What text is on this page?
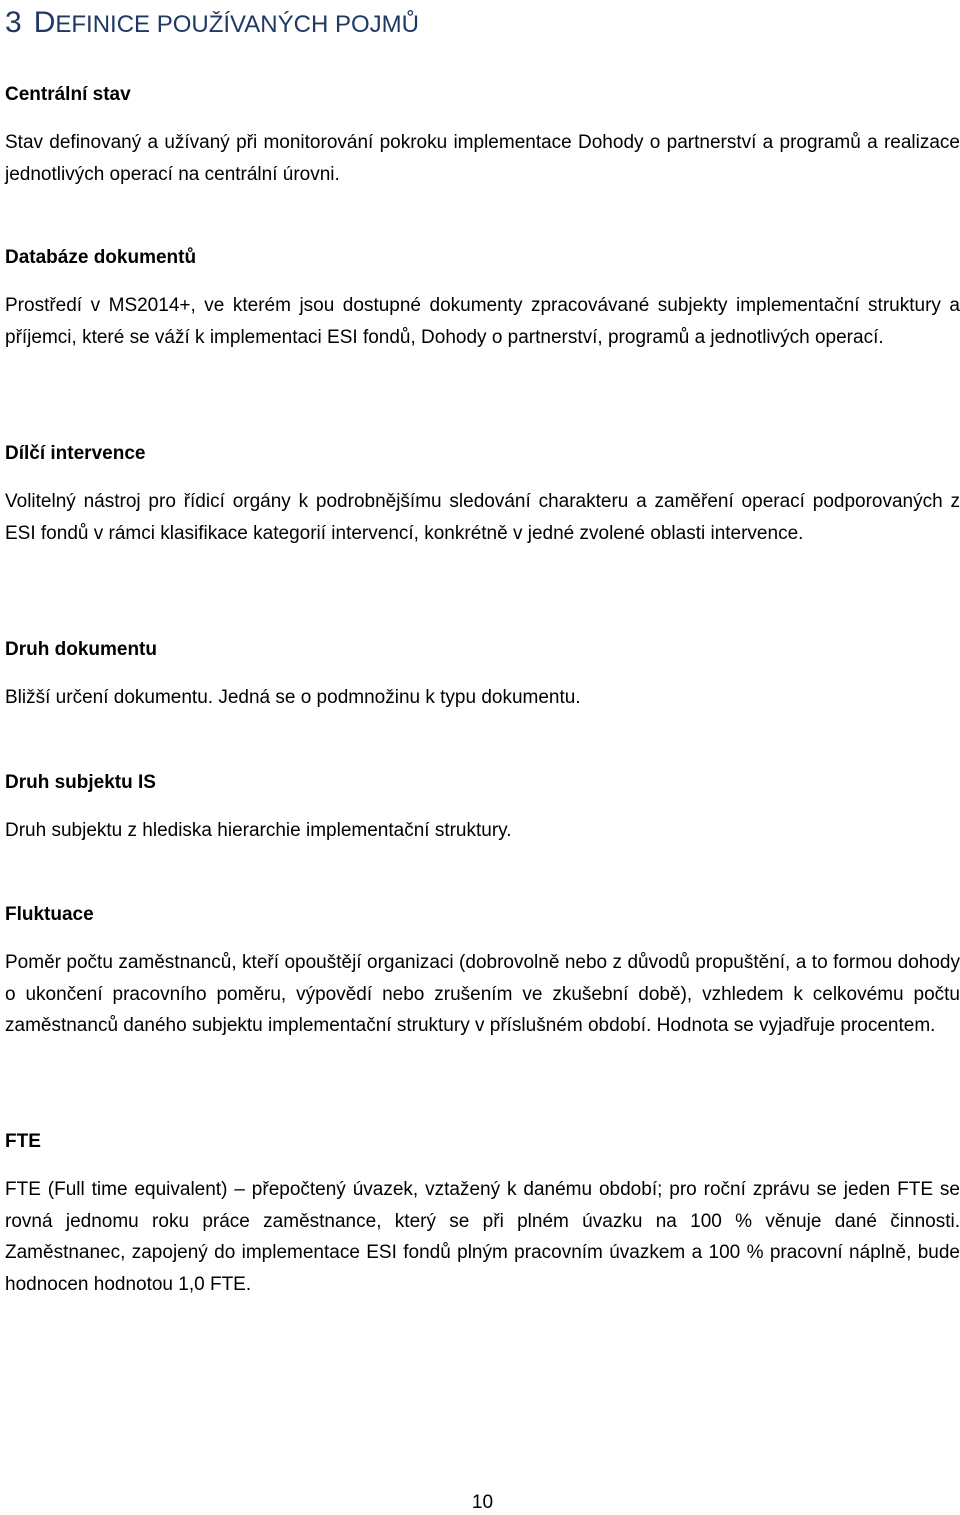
3 DEFINICE POUŽÍVANÝCH POJMŮ

Centrální stav

Stav definovaný a užívaný při monitorování pokroku implementace Dohody o partnerství a programů a realizace jednotlivých operací na centrální úrovni.

Databáze dokumentů

Prostředí v MS2014+, ve kterém jsou dostupné dokumenty zpracovávané subjekty implementační struktury a příjemci, které se váží k implementaci ESI fondů, Dohody o partnerství, programů a jednotlivých operací.

Dílčí intervence

Volitelný nástroj pro řídicí orgány k podrobnějšímu sledování charakteru a zaměření operací podporovaných z ESI fondů v rámci klasifikace kategorií intervencí, konkrétně v jedné zvolené oblasti intervence.

Druh dokumentu

Bližší určení dokumentu. Jedná se o podmnožinu k typu dokumentu.

Druh subjektu IS

Druh subjektu z hlediska hierarchie implementační struktury.

Fluktuace

Poměr počtu zaměstnanců, kteří opouštějí organizaci (dobrovolně nebo z důvodů propuštění, a to formou dohody o ukončení pracovního poměru, výpovědí nebo zrušením ve zkušební době), vzhledem k celkovému počtu zaměstnanců daného subjektu implementační struktury v příslušném období. Hodnota se vyjadřuje procentem.

FTE

FTE (Full time equivalent) – přepočtený úvazek, vztažený k danému období; pro roční zprávu se jeden FTE se rovná jednomu roku práce zaměstnance, který se při plném úvazku na 100 % věnuje dané činnosti. Zaměstnanec, zapojený do implementace ESI fondů plným pracovním úvazkem a 100 % pracovní náplně, bude hodnocen hodnotou 1,0 FTE.

10
